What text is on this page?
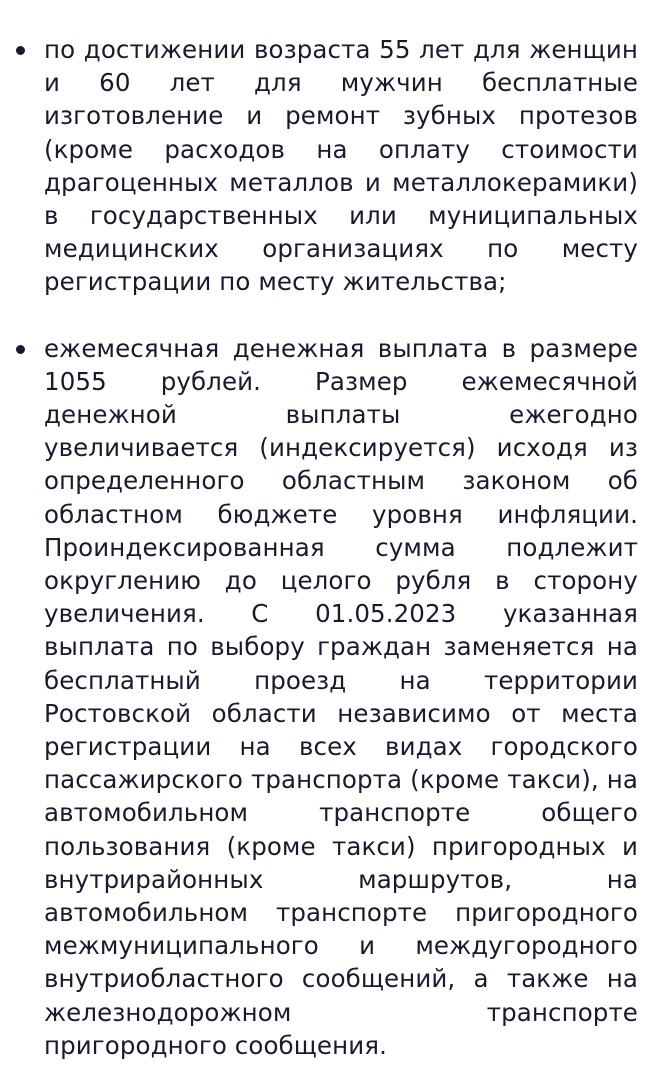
по достижении возраста 55 лет для женщин и 60 лет для мужчин бесплатные изготовление и ремонт зубных протезов (кроме расходов на оплату стоимости драгоценных металлов и металлокерамики) в государственных или муниципальных медицинских организациях по месту регистрации по месту жительства;
ежемесячная денежная выплата в размере 1055 рублей. Размер ежемесячной денежной выплаты ежегодно увеличивается (индексируется) исходя из определенного областным законом об областном бюджете уровня инфляции. Проиндексированная сумма подлежит округлению до целого рубля в сторону увеличения. С 01.05.2023 указанная выплата по выбору граждан заменяется на бесплатный проезд на территории Ростовской области независимо от места регистрации на всех видах городского пассажирского транспорта (кроме такси), на автомобильном транспорте общего пользования (кроме такси) пригородных и внутрирайонных маршрутов, на автомобильном транспорте пригородного межмуниципального и междугородного внутриобластного сообщений, а также на железнодорожном транспорте пригородного сообщения.
